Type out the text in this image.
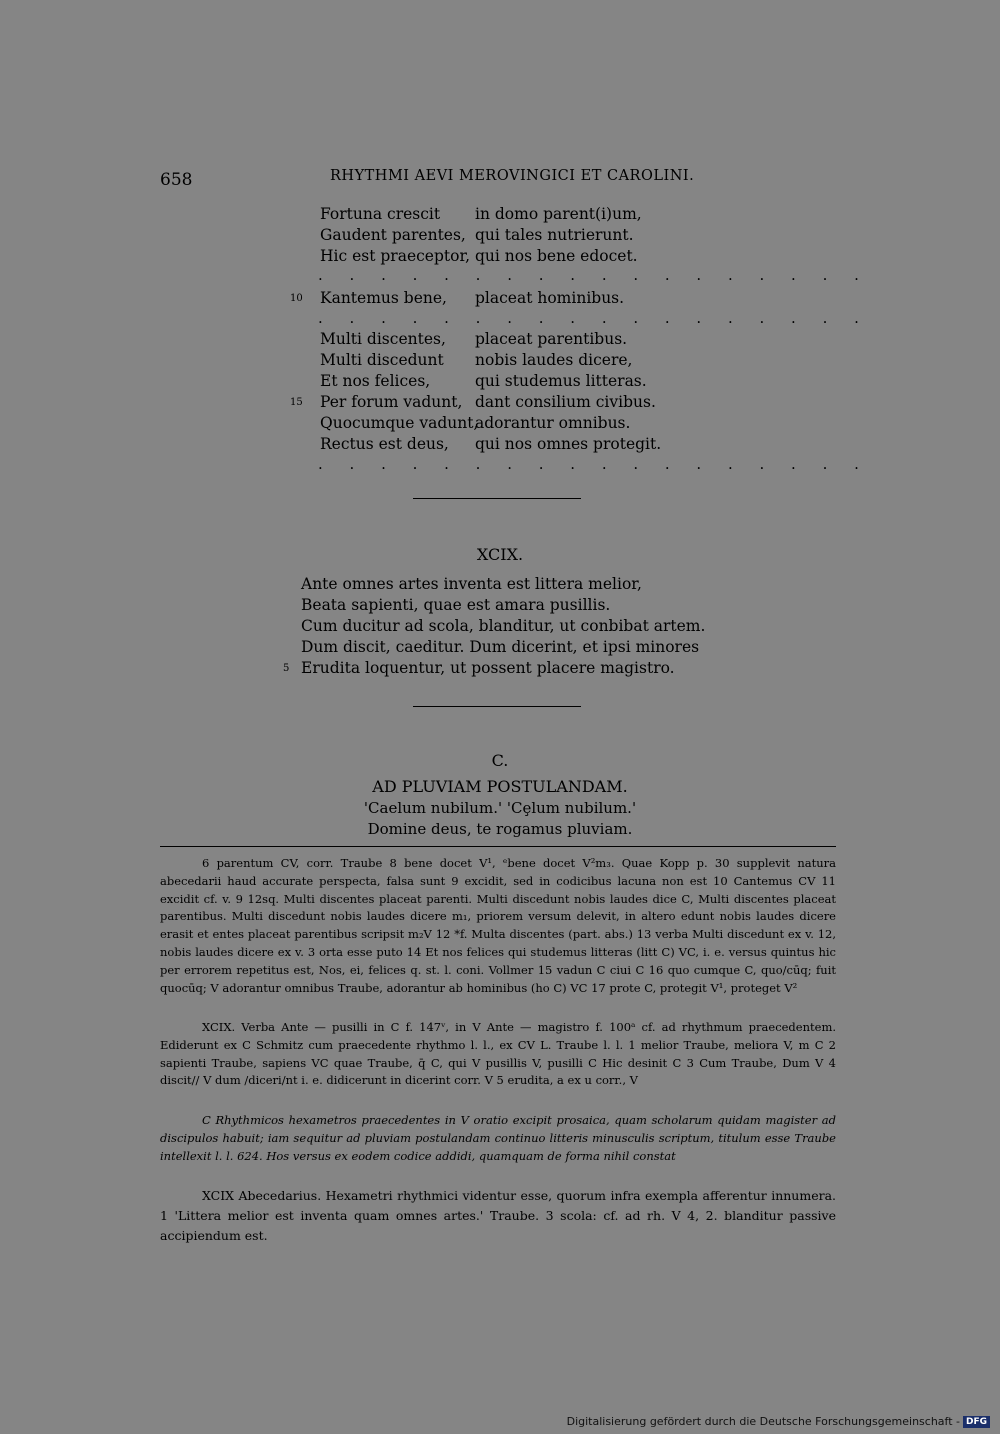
658	RHYTHMI AEVI MEROVINGICI ET CAROLINI.
Fortuna crescit in domo parent(i)um,
Gaudent parentes, qui tales nutrierunt.
Hic est praeceptor, qui nos bene edocet.
. . . . . . . . . . . . . . . . . .
10 Kantemus bene, placeat hominibus.
. . . . . . . . . . . . . . . . . .
Multi discentes, placeat parentibus.
Multi discedunt nobis laudes dicere,
Et nos felices,	qui studemus litteras.
15 Per forum vadunt, dant consilium civibus.
Quocumque vadunt,
adorantur omnibus.
Rectus est deus, qui nos omnes protegit.
. . . . . . . . . . . . . . . . . .
XCIX.
Ante omnes artes inventa est littera melior,
Beata sapienti, quae est amara pusillis.
Cum ducitur ad scola, blanditur, ut conbibat artem.
Dum discit, caeditur. Dum dicerint, et ipsi minores
5 Erudita loquentur, ut possent placere magistro.
C.
AD PLUVIAM POSTULANDAM.
'Caelum nubilum.' 'Cȩlum nubilum.'
Domine deus, te rogamus pluviam.
6 parentum CV, corr. Traube 8 bene docet V¹, ᵉbene docet V²m₃. Quae Kopp p. 30 supplevit natura abecedarii haud accurate perspecta, falsa sunt 9 excidit, sed in codicibus lacuna non est 10 Cantemus CV 11 excidit cf. v. 9 12sq. Multi discentes placeat parenti. Multi discedunt nobis laudes dice C, Multi discentes placeat parentibus. Multi discedunt nobis laudes dicere m₁, priorem versum delevit, in altero edunt nobis laudes dicere erasit et entes placeat parentibus scripsit m₂V 12 *f. Multa discentes (part. abs.) 13 verba Multi discedunt ex v. 12, nobis laudes dicere ex v. 3 orta esse puto 14 Et nos felices qui studemus litteras (litt C) VC, i. e. versus quintus hic per errorem repetitus est, Nos, ei, felices q. st. l. coni. Vollmer 15 vadun C ciui C 16 quo cumque C, quo/cūq; fuit quocūq; V adorantur omnibus Traube, adorantur ab hominibus (ho C) VC 17 prote C, protegit V¹, proteget V²
XCIX. Verba Ante — pusilli in C f. 147ᵛ, in V Ante — magistro f. 100ᵃ cf. ad rhythmum praecedentem. Ediderunt ex C Schmitz cum praecedente rhythmo l. l., ex CV L. Traube l. l. 1 melior Traube, meliora V, m C 2 sapienti Traube, sapiens VC quae Traube, q̄ C, qui V pusillis V, pusilli C Hic desinit C 3 Cum Traube, Dum V 4 discit// V dum /diceri/nt i. e. didicerunt in dicerint corr. V 5 erudita, a ex u corr., V
C Rhythmicos hexametros praecedentes in V oratio excipit prosaica, quam scholarum quidam magister ad discipulos habuit; iam sequitur ad pluviam postulandam continuo litteris minusculis scriptum, titulum esse Traube intellexit l. l. 624. Hos versus ex eodem codice addidi, quamquam de forma nihil constat
XCIX Abecedarius. Hexametri rhythmici videntur esse, quorum infra exempla afferentur innumera. 1 'Littera melior est inventa quam omnes artes.' Traube. 3 scola: cf. ad rh. V 4, 2. blanditur passive accipiendum est.
Digitalisierung gefördert durch die Deutsche Forschungsgemeinschaft - DFG
